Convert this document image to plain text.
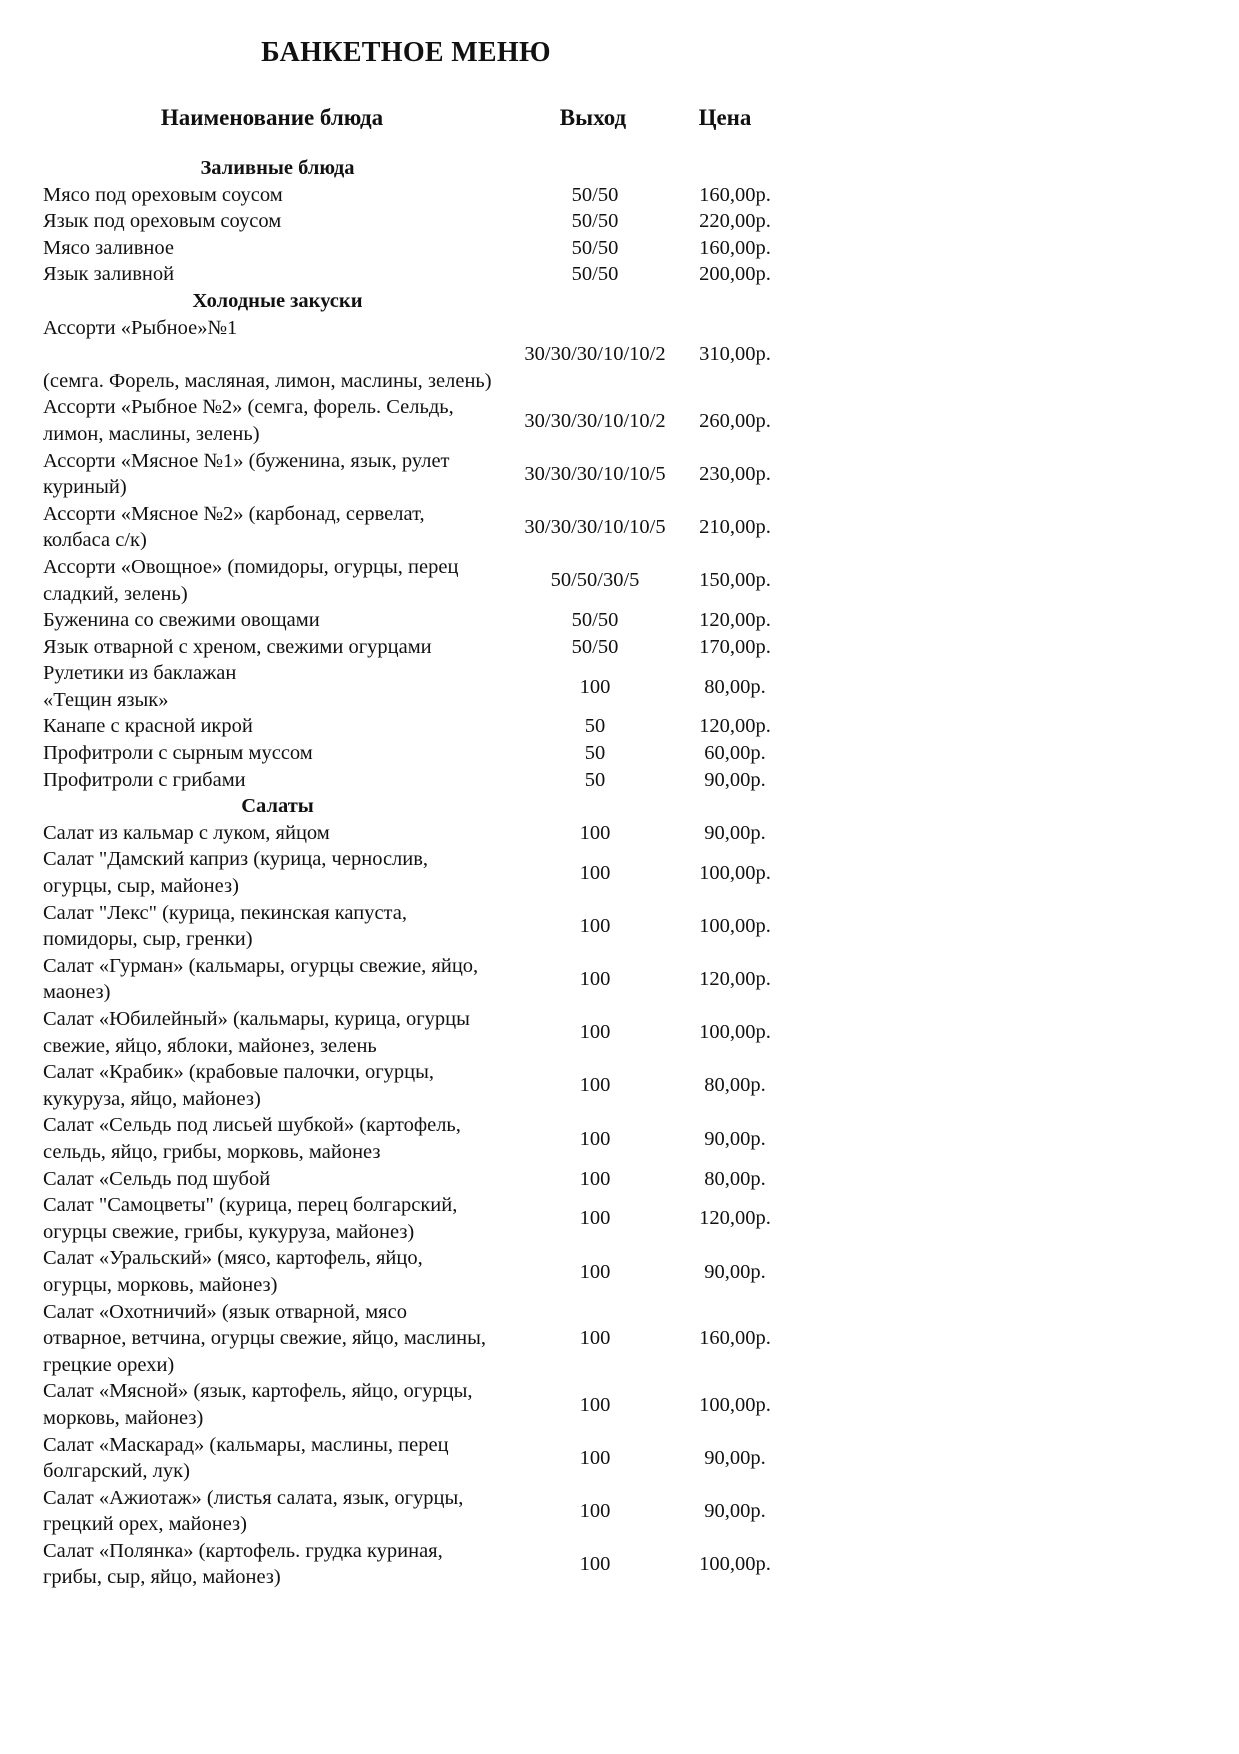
БАНКЕТНОЕ МЕНЮ
Наименование блюда	Выход	Цена
Заливные блюда
Мясо под ореховым соусом	50/50	160,00р.
Язык под ореховым соусом	50/50	220,00р.
Мясо заливное	50/50	160,00р.
Язык заливной	50/50	200,00р.
Холодные закуски
Ассорти «Рыбное»№1

(семга. Форель, масляная, лимон, маслины, зелень)
30/30/30/10/10/2	310,00р.
Ассорти «Рыбное №2» (семга, форель. Сельдь,
лимон, маслины, зелень)
30/30/30/10/10/2	260,00р.
Ассорти «Мясное №1» (буженина, язык, рулет
куриный)
30/30/30/10/10/5	230,00р.
Ассорти «Мясное №2» (карбонад, сервелат,
колбаса с/к)
30/30/30/10/10/5	210,00р.
Ассорти «Овощное» (помидоры, огурцы, перец
сладкий, зелень)
50/50/30/5	150,00р.
Буженина со свежими овощами	50/50	120,00р.
Язык отварной с хреном, свежими огурцами	50/50	170,00р.
Рулетики из баклажан
«Тещин язык»
100	80,00р.
Канапе с красной икрой	50	120,00р.
Профитроли с сырным муссом	50	60,00р.
Профитроли с грибами	50	90,00р.
Салаты
Салат из кальмар с луком, яйцом	100	90,00р.
Салат "Дамский каприз (курица, чернослив,
огурцы, сыр, майонез)
100	100,00р.
Салат "Лекс" (курица, пекинская капуста,
помидоры, сыр, гренки)
100	100,00р.
Салат «Гурман» (кальмары, огурцы свежие, яйцо,
маонез)
100	120,00р.
Салат «Юбилейный» (кальмары, курица, огурцы
свежие, яйцо, яблоки, майонез, зелень
100	100,00р.
Салат «Крабик» (крабовые палочки, огурцы,
кукуруза, яйцо, майонез)
100	80,00р.
Салат «Сельдь под лисьей шубкой» (картофель,
сельдь, яйцо, грибы, морковь, майонез
100	90,00р.
Салат «Сельдь под шубой	100	80,00р.
Салат "Самоцветы" (курица, перец болгарский,
огурцы свежие, грибы, кукуруза, майонез)
100	120,00р.
Салат «Уральский» (мясо, картофель, яйцо,
огурцы, морковь, майонез)
100	90,00р.
Салат «Охотничий» (язык отварной, мясо
отварное, ветчина, огурцы свежие, яйцо, маслины,
грецкие орехи)
100	160,00р.
Салат «Мясной» (язык, картофель, яйцо, огурцы,
морковь, майонез)
100	100,00р.
Салат «Маскарад» (кальмары, маслины, перец
болгарский, лук)
100	90,00р.
Салат «Ажиотаж» (листья салата, язык, огурцы,
грецкий орех, майонез)
100	90,00р.
Салат «Полянка» (картофель. грудка куриная,
грибы, сыр, яйцо, майонез)
100	100,00р.
